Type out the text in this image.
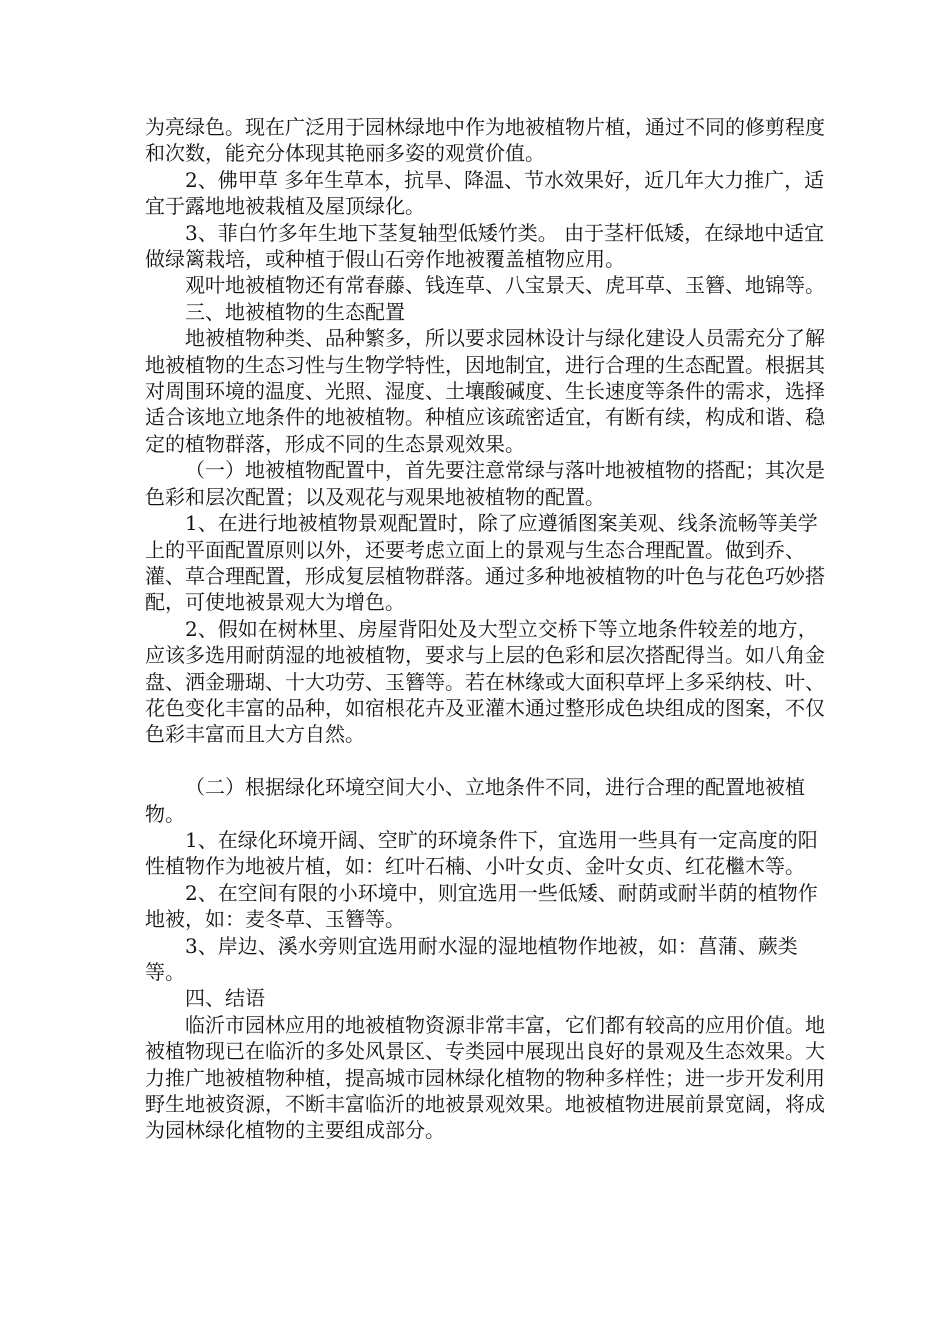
为亮绿色。现在广泛用于园林绿地中作为地被植物片植，通过不同的修剪程度和次数，能充分体现其艳丽多姿的观赏价值。

2、佛甲草 多年生草本，抗旱、降温、节水效果好，近几年大力推广，适宜于露地地被栽植及屋顶绿化。

3、菲白竹多年生地下茎复轴型低矮竹类。 由于茎杆低矮，在绿地中适宜做绿篱栽培，或种植于假山石旁作地被覆盖植物应用。

观叶地被植物还有常春藤、钱连草、八宝景天、虎耳草、玉簪、地锦等。

三、地被植物的生态配置

地被植物种类、品种繁多，所以要求园林设计与绿化建设人员需充分了解地被植物的生态习性与生物学特性，因地制宜，进行合理的生态配置。根据其对周围环境的温度、光照、湿度、土壤酸碱度、生长速度等条件的需求，选择适合该地立地条件的地被植物。种植应该疏密适宜，有断有续，构成和谐、稳定的植物群落，形成不同的生态景观效果。

（一）地被植物配置中，首先要注意常绿与落叶地被植物的搭配；其次是色彩和层次配置；以及观花与观果地被植物的配置。

1、在进行地被植物景观配置时，除了应遵循图案美观、线条流畅等美学上的平面配置原则以外，还要考虑立面上的景观与生态合理配置。做到乔、灌、草合理配置，形成复层植物群落。通过多种地被植物的叶色与花色巧妙搭配，可使地被景观大为增色。

2、假如在树林里、房屋背阳处及大型立交桥下等立地条件较差的地方，应该多选用耐荫湿的地被植物，要求与上层的色彩和层次搭配得当。如八角金盘、洒金珊瑚、十大功劳、玉簪等。若在林缘或大面积草坪上多采纳枝、叶、花色变化丰富的品种，如宿根花卉及亚灌木通过整形成色块组成的图案，不仅色彩丰富而且大方自然。

（二）根据绿化环境空间大小、立地条件不同，进行合理的配置地被植物。

1、在绿化环境开阔、空旷的环境条件下，宜选用一些具有一定高度的阳性植物作为地被片植，如：红叶石楠、小叶女贞、金叶女贞、红花檵木等。

2、在空间有限的小环境中，则宜选用一些低矮、耐荫或耐半荫的植物作地被，如：麦冬草、玉簪等。

3、岸边、溪水旁则宜选用耐水湿的湿地植物作地被，如：菖蒲、蕨类等。

四、结语

临沂市园林应用的地被植物资源非常丰富，它们都有较高的应用价值。地被植物现已在临沂的多处风景区、专类园中展现出良好的景观及生态效果。大力推广地被植物种植，提高城市园林绿化植物的物种多样性；进一步开发利用野生地被资源，不断丰富临沂的地被景观效果。地被植物进展前景宽阔，将成为园林绿化植物的主要组成部分。
